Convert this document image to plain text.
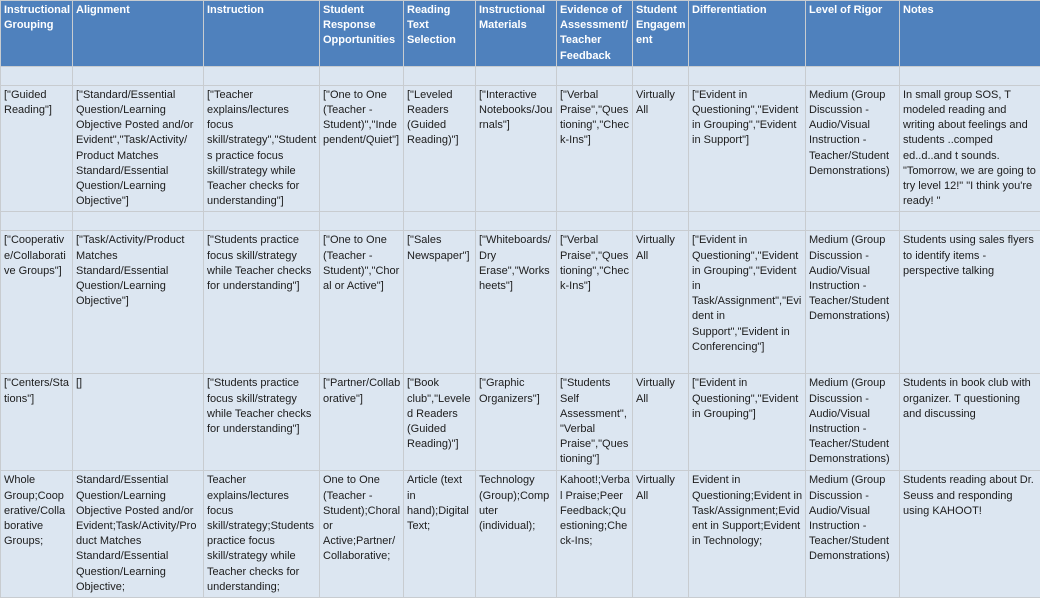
Instructional Grouping	Alignment	Instruction	Student Response Opportunities	Reading Text Selection	Instructional Materials	Evidence of Assessment/ Teacher Feedback	Student Engagement	Differentiation	Level of Rigor	Notes

["Guided Reading"]	["Standard/Essential Question/Learning Objective Posted and/or Evident","Task/Activity/ Product Matches Standard/Essential Question/Learning Objective"]	["Teacher explains/lectures focus skill/strategy","Students practice focus skill/strategy while Teacher checks for understanding"]	["One to One (Teacher - Student)","Independent/Quiet"]	["Leveled Readers (Guided Reading)"]	["Interactive Notebooks/Journals"]	["Verbal Praise","Questioning","Check-Ins"]	Virtually All	["Evident in Questioning","Evident in Grouping","Evident in Support"]	Medium (Group Discussion - Audio/Visual Instruction - Teacher/Student Demonstrations)	In small group SOS, T modeled reading and writing about feelings and students ..comped ed..d..and t sounds. "Tomorrow, we are going to try level 12!" "I think you're ready! "

["Cooperative/Collaborative Groups"]	["Task/Activity/Product Matches Standard/Essential Question/Learning Objective"]	["Students practice focus skill/strategy while Teacher checks for understanding"]	["One to One (Teacher - Student)","Choral or Active"]	["Sales Newspaper"]	["Whiteboards/Dry Erase","Worksheets"]	["Verbal Praise","Questioning","Check-Ins"]	Virtually All	["Evident in Questioning","Evident in Grouping","Evident in Task/Assignment","Evident in Support","Evident in Conferencing"]	Medium (Group Discussion - Audio/Visual Instruction - Teacher/Student Demonstrations)	Students using sales flyers to identify items - perspective talking
["Centers/Stations"]	[]	["Students practice focus skill/strategy while Teacher checks for understanding"]	["Partner/Collaborative"]	["Book club","Leveled Readers (Guided Reading)"]	["Graphic Organizers"]	["Students Self Assessment","Verbal Praise","Questioning"]	Virtually All	["Evident in Questioning","Evident in Grouping"]	Medium (Group Discussion - Audio/Visual Instruction - Teacher/Student Demonstrations)	Students in book club with organizer. T questioning and discussing
Whole Group;Cooperative/Collaborative Groups;	Standard/Essential Question/Learning Objective Posted and/or Evident;Task/Activity/Product Matches Standard/Essential Question/Learning Objective;	Teacher explains/lectures focus skill/strategy;Students practice focus skill/strategy while Teacher checks for understanding;	One to One (Teacher - Student);Choral or Active;Partner/Collaborative;	Article (text in hand);Digital Text;	Technology (Group);Computer (individual);	Kahoot!;Verbal Praise;Peer Feedback;Questioning;Check-Ins;	Virtually All	Evident in Questioning;Evident in Task/Assignment;Evident in Support;Evident in Technology;	Medium (Group Discussion - Audio/Visual Instruction - Teacher/Student Demonstrations)	Students reading about Dr. Seuss and responding using KAHOOT!
